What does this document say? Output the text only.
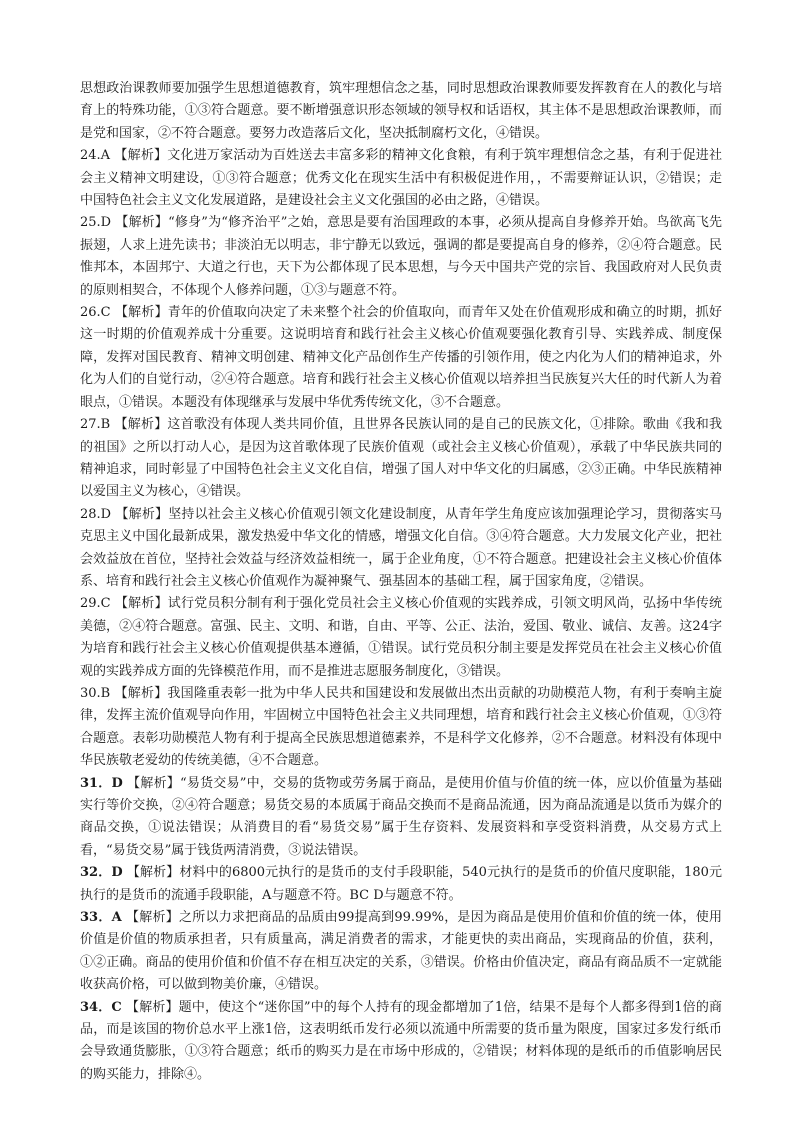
思想政治课教师要加强学生思想道德教育，筑牢理想信念之基，同时思想政治课教师要发挥教育在人的教化与培育上的特殊功能，①③符合题意。要不断增强意识形态领域的领导权和话语权，其主体不是思想政治课教师，而是党和国家，②不符合题意。要努力改造落后文化，坚决抵制腐朽文化，④错误。

24.A 【解析】文化进万家活动为百姓送去丰富多彩的精神文化食粮，有利于筑牢理想信念之基，有利于促进社会主义精神文明建设，①③符合题意；优秀文化在现实生活中有积极促进作用，，不需要辩证认识，②错误；走中国特色社会主义文化发展道路，是建设社会主义文化强国的必由之路，④错误。

25.D 【解析】“修身”为“修齐治平”之始，意思是要有治国理政的本事，必须从提高自身修养开始。鸟欲高飞先振翅，人求上进先读书；非淡泊无以明志，非宁静无以致远，强调的都是要提高自身的修养，②④符合题意。民惟邦本，本固邦宁、大道之行也，天下为公都体现了民本思想，与今天中国共产党的宗旨、我国政府对人民负责的原则相契合，不体现个人修养问题，①③与题意不符。

26.C 【解析】青年的价值取向决定了未来整个社会的价值取向，而青年又处在价值观形成和确立的时期，抓好这一时期的价值观养成十分重要。这说明培育和践行社会主义核心价值观要强化教育引导、实践养成、制度保障，发挥对国民教育、精神文明创建、精神文化产品创作生产传播的引领作用，使之内化为人们的精神追求，外化为人们的自觉行动，②④符合题意。培育和践行社会主义核心价值观以培养担当民族复兴大任的时代新人为着眼点，①错误。本题没有体现继承与发展中华优秀传统文化，③不合题意。

27.B 【解析】这首歌没有体现人类共同价值，且世界各民族认同的是自己的民族文化，①排除。歌曲《我和我的祖国》之所以打动人心，是因为这首歌体现了民族价值观（或社会主义核心价值观），承载了中华民族共同的精神追求，同时彰显了中国特色社会主义文化自信，增强了国人对中华文化的归属感，②③正确。中华民族精神以爱国主义为核心，④错误。

28.D 【解析】坚持以社会主义核心价值观引领文化建设制度，从青年学生角度应该加强理论学习，贯彻落实马克思主义中国化最新成果，激发热爱中华文化的情感，增强文化自信。③④符合题意。大力发展文化产业，把社会效益放在首位，坚持社会效益与经济效益相统一，属于企业角度，①不符合题意。把建设社会主义核心价值体系、培育和践行社会主义核心价值观作为凝神聚气、强基固本的基础工程，属于国家角度，②错误。

29.C 【解析】试行党员积分制有利于强化党员社会主义核心价值观的实践养成，引领文明风尚，弘扬中华传统美德，②④符合题意。富强、民主、文明、和谐，自由、平等、公正、法治，爱国、敬业、诚信、友善。这24字为培育和践行社会主义核心价值观提供基本遵循，①错误。试行党员积分制主要是发挥党员在社会主义核心价值观的实践养成方面的先锋模范作用，而不是推进志愿服务制度化，③错误。

30.B 【解析】我国隆重表彰一批为中华人民共和国建设和发展做出杰出贡献的功勋模范人物，有利于奏响主旋律，发挥主流价值观导向作用，牢固树立中国特色社会主义共同理想，培育和践行社会主义核心价值观，①③符合题意。表彰功勋模范人物有利于提高全民族思想道德素养，不是科学文化修养，②不合题意。材料没有体现中华民族敬老爱幼的传统美德，④不合题意。

31．D 【解析】“易货交易”中，交易的货物或劳务属于商品，是使用价值与价值的统一体，应以价值量为基础实行等价交换，②④符合题意；易货交易的本质属于商品交换而不是商品流通，因为商品流通是以货币为媒介的商品交换，①说法错误；从消费目的看“易货交易”属于生存资料、发展资料和享受资料消费，从交易方式上看，“易货交易”属于钱货两清消费，③说法错误。

32．D 【解析】材料中的6800元执行的是货币的支付手段职能，540元执行的是货币的价值尺度职能，180元执行的是货币的流通手段职能，A与题意不符。BC D与题意不符。

33．A 【解析】之所以力求把商品的品质由99提高到99.99%，是因为商品是使用价值和价值的统一体，使用价值是价值的物质承担者，只有质量高，满足消费者的需求，才能更快的卖出商品，实现商品的价值，获利，①②正确。商品的使用价值和价值不存在相互决定的关系，③错误。价格由价值决定，商品有商品质不一定就能收获高价格，可以做到物美价廉，④错误。

34．C 【解析】题中，使这个“迷你国”中的每个人持有的现金都增加了1倍，结果不是每个人都多得到1倍的商品，而是该国的物价总水平上涨1倍，这表明纸币发行必须以流通中所需要的货币量为限度，国家过多发行纸币会导致通货膨胀，①③符合题意；纸币的购买力是在市场中形成的，②错误；材料体现的是纸币的币值影响居民的购买能力，排除④。
